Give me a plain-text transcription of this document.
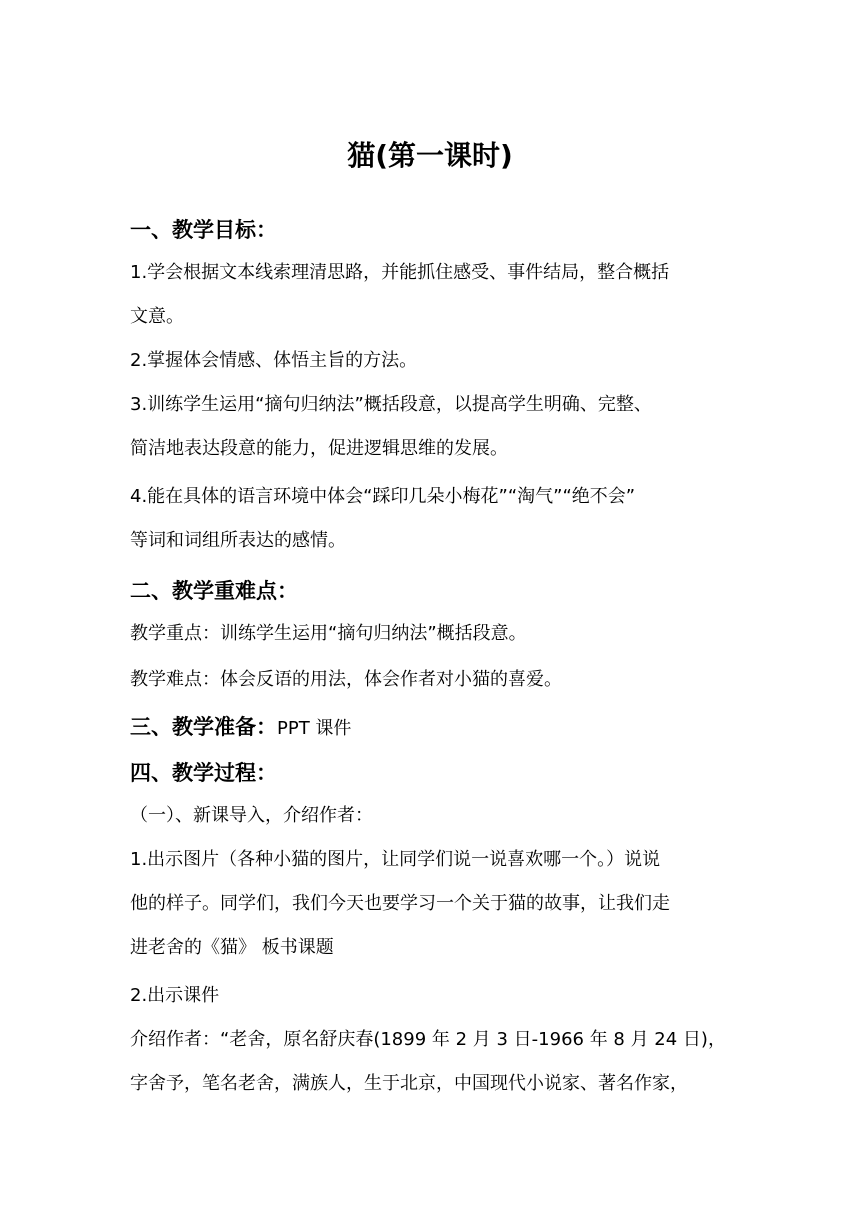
猫(第一课时)
一、教学目标：
1.学会根据文本线索理清思路，并能抓住感受、事件结局，整合概括
文意。
2.掌握体会情感、体悟主旨的方法。
3.训练学生运用“摘句归纳法”概括段意，以提高学生明确、完整、
简洁地表达段意的能力，促进逻辑思维的发展。
4.能在具体的语言环境中体会“踩印几朵小梅花”“淘气”“绝不会”
等词和词组所表达的感情。
二、教学重难点：
教学重点：训练学生运用“摘句归纳法”概括段意。
教学难点：体会反语的用法，体会作者对小猫的喜爱。
三、教学准备：PPT 课件
四、教学过程：
（一）、新课导入，介绍作者：
1.出示图片（各种小猫的图片，让同学们说一说喜欢哪一个。）说说
他的样子。同学们，我们今天也要学习一个关于猫的故事，让我们走
进老舍的《猫》 板书课题
2.出示课件
介绍作者：“老舍，原名舒庆春(1899 年 2 月 3 日-1966 年 8 月 24 日)，
字舍予，笔名老舍，满族人，生于北京，中国现代小说家、著名作家，
